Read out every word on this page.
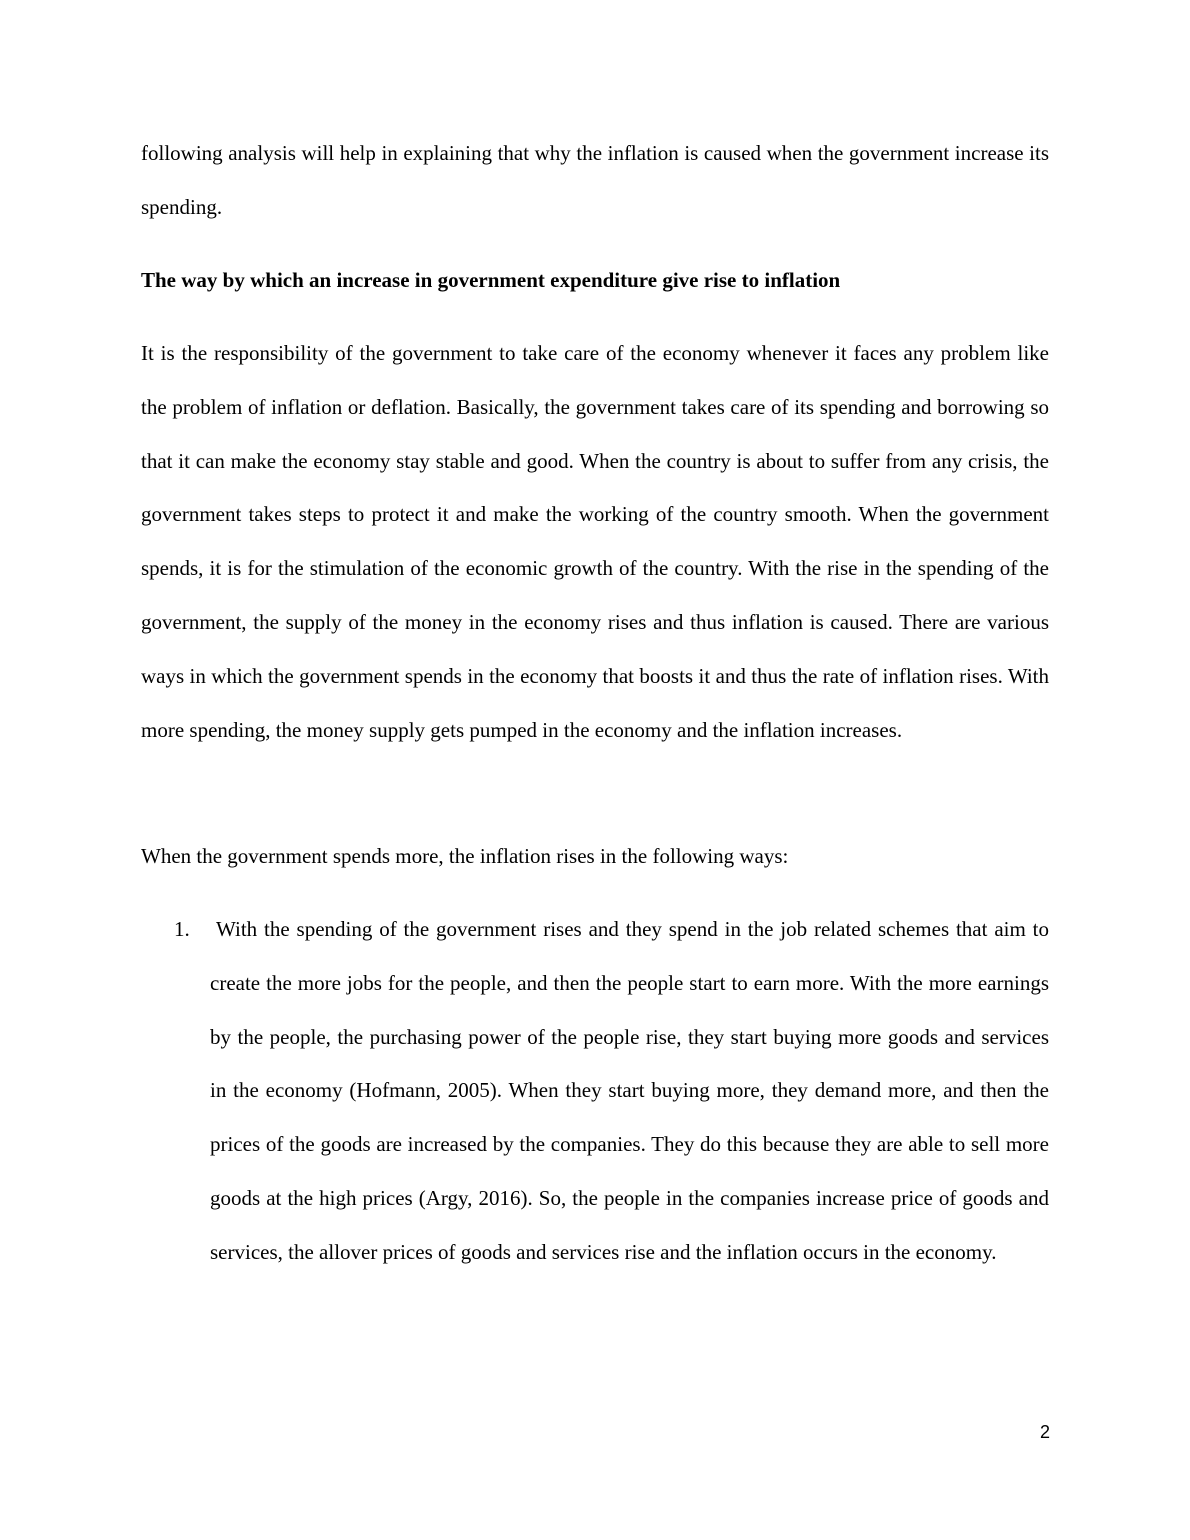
following analysis will help in explaining that why the inflation is caused when the government increase its spending.

The way by which an increase in government expenditure give rise to inflation

It is the responsibility of the government to take care of the economy whenever it faces any problem like the problem of inflation or deflation. Basically, the government takes care of its spending and borrowing so that it can make the economy stay stable and good. When the country is about to suffer from any crisis, the government takes steps to protect it and make the working of the country smooth. When the government spends, it is for the stimulation of the economic growth of the country. With the rise in the spending of the government, the supply of the money in the economy rises and thus inflation is caused. There are various ways in which the government spends in the economy that boosts it and thus the rate of inflation rises. With more spending, the money supply gets pumped in the economy and the inflation increases.

When the government spends more, the inflation rises in the following ways:

1. With the spending of the government rises and they spend in the job related schemes that aim to create the more jobs for the people, and then the people start to earn more. With the more earnings by the people, the purchasing power of the people rise, they start buying more goods and services in the economy (Hofmann, 2005). When they start buying more, they demand more, and then the prices of the goods are increased by the companies. They do this because they are able to sell more goods at the high prices (Argy, 2016). So, the people in the companies increase price of goods and services, the allover prices of goods and services rise and the inflation occurs in the economy.
2
